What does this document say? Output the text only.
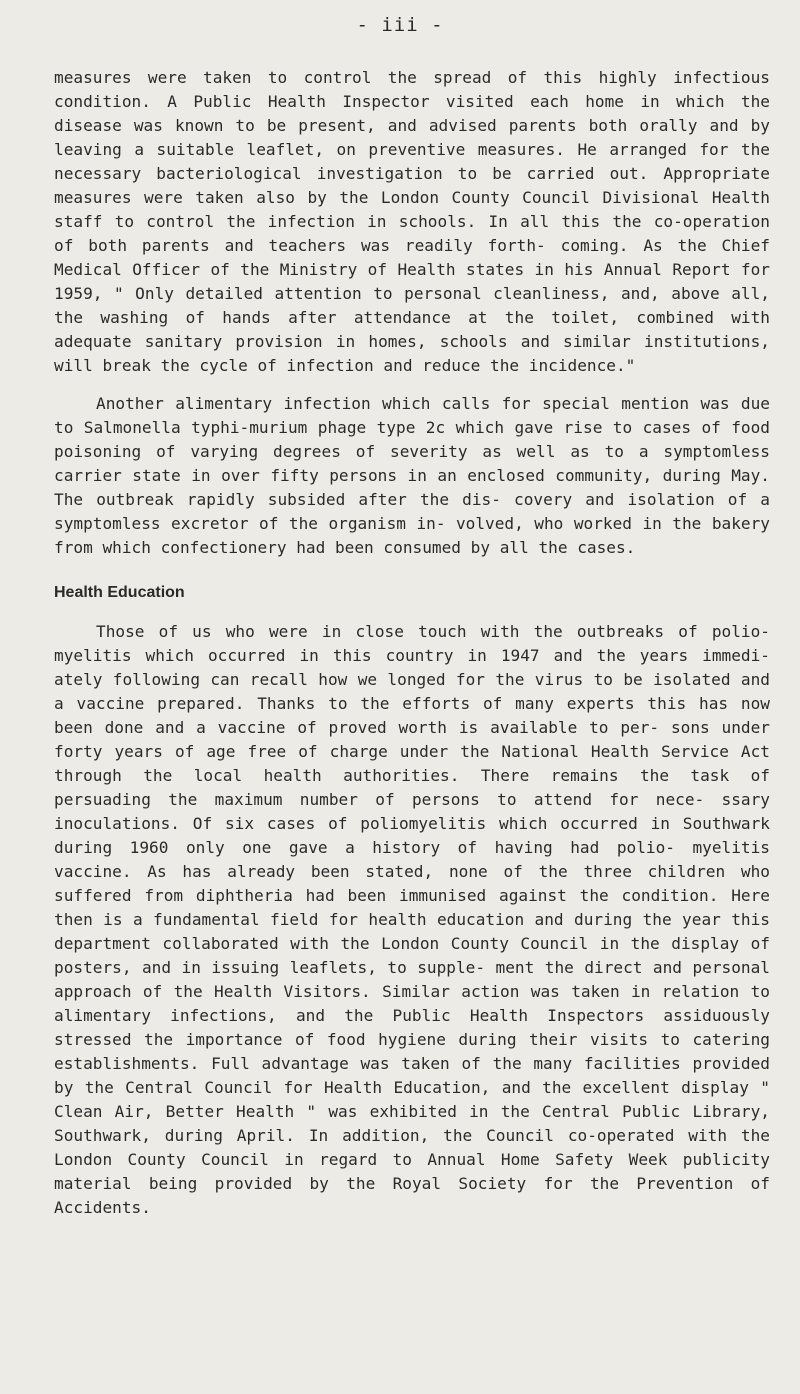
- iii -

measures were taken to control the spread of this highly infectious condition. A Public Health Inspector visited each home in which the disease was known to be present, and advised parents both orally and by leaving a suitable leaflet, on preventive measures. He arranged for the necessary bacteriological investigation to be carried out. Appropriate measures were taken also by the London County Council Divisional Health staff to control the infection in schools. In all this the co-operation of both parents and teachers was readily forth- coming. As the Chief Medical Officer of the Ministry of Health states in his Annual Report for 1959, " Only detailed attention to personal cleanliness, and, above all, the washing of hands after attendance at the toilet, combined with adequate sanitary provision in homes, schools and similar institutions, will break the cycle of infection and reduce the incidence."

Another alimentary infection which calls for special mention was due to Salmonella typhi-murium phage type 2c which gave rise to cases of food poisoning of varying degrees of severity as well as to a symptomless carrier state in over fifty persons in an enclosed community, during May. The outbreak rapidly subsided after the dis- covery and isolation of a symptomless excretor of the organism in- volved, who worked in the bakery from which confectionery had been consumed by all the cases.

Health Education

Those of us who were in close touch with the outbreaks of polio- myelitis which occurred in this country in 1947 and the years immedi- ately following can recall how we longed for the virus to be isolated and a vaccine prepared. Thanks to the efforts of many experts this has now been done and a vaccine of proved worth is available to per- sons under forty years of age free of charge under the National Health Service Act through the local health authorities. There remains the task of persuading the maximum number of persons to attend for nece- ssary inoculations. Of six cases of poliomyelitis which occurred in Southwark during 1960 only one gave a history of having had polio- myelitis vaccine. As has already been stated, none of the three children who suffered from diphtheria had been immunised against the condition. Here then is a fundamental field for health education and during the year this department collaborated with the London County Council in the display of posters, and in issuing leaflets, to supple- ment the direct and personal approach of the Health Visitors. Similar action was taken in relation to alimentary infections, and the Public Health Inspectors assiduously stressed the importance of food hygiene during their visits to catering establishments. Full advantage was taken of the many facilities provided by the Central Council for Health Education, and the excellent display " Clean Air, Better Health " was exhibited in the Central Public Library, Southwark, during April. In addition, the Council co-operated with the London County Council in regard to Annual Home Safety Week publicity material being provided by the Royal Society for the Prevention of Accidents.
